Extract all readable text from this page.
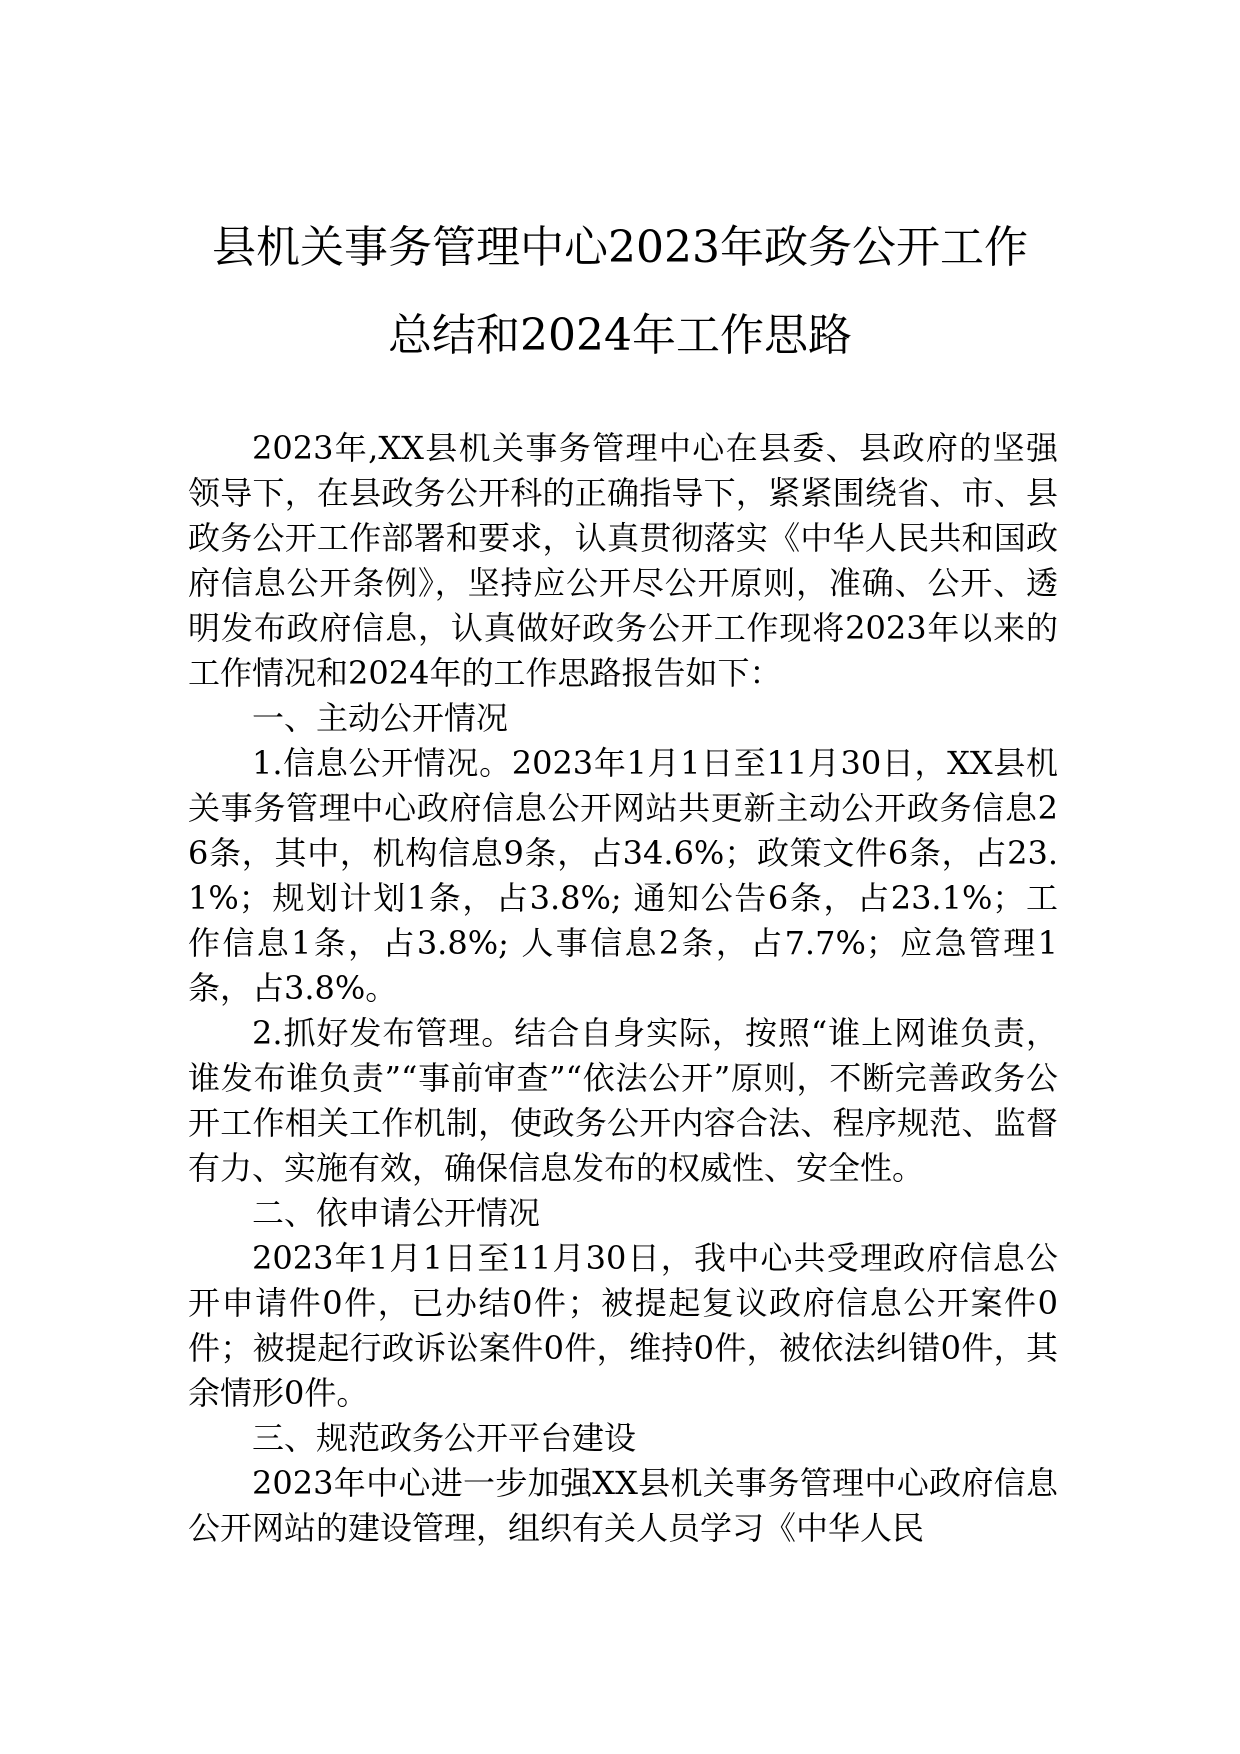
县机关事务管理中心2023年政务公开工作
总结和2024年工作思路

2023年,XX县机关事务管理中心在县委、县政府的坚强领导下，在县政务公开科的正确指导下，紧紧围绕省、市、县政务公开工作部署和要求，认真贯彻落实《中华人民共和国政府信息公开条例》，坚持应公开尽公开原则，准确、公开、透明发布政府信息，认真做好政务公开工作现将2023年以来的工作情况和2024年的工作思路报告如下：

一、主动公开情况

1.信息公开情况。2023年1月1日至11月30日，XX县机关事务管理中心政府信息公开网站共更新主动公开政务信息26条，其中，机构信息9条，占34.6%；政策文件6条，占23.1%；规划计划1条，占3.8%; 通知公告6条，占23.1%；工作信息1条，占3.8%; 人事信息2条，占7.7%；应急管理1条，占3.8%。

2.抓好发布管理。结合自身实际，按照“谁上网谁负责，谁发布谁负责”“事前审查”“依法公开”原则，不断完善政务公开工作相关工作机制，使政务公开内容合法、程序规范、监督有力、实施有效，确保信息发布的权威性、安全性。

二、依申请公开情况

2023年1月1日至11月30日，我中心共受理政府信息公开申请件0件，已办结0件；被提起复议政府信息公开案件0件；被提起行政诉讼案件0件，维持0件，被依法纠错0件，其余情形0件。

三、规范政务公开平台建设

2023年中心进一步加强XX县机关事务管理中心政府信息公开网站的建设管理，组织有关人员学习《中华人民
